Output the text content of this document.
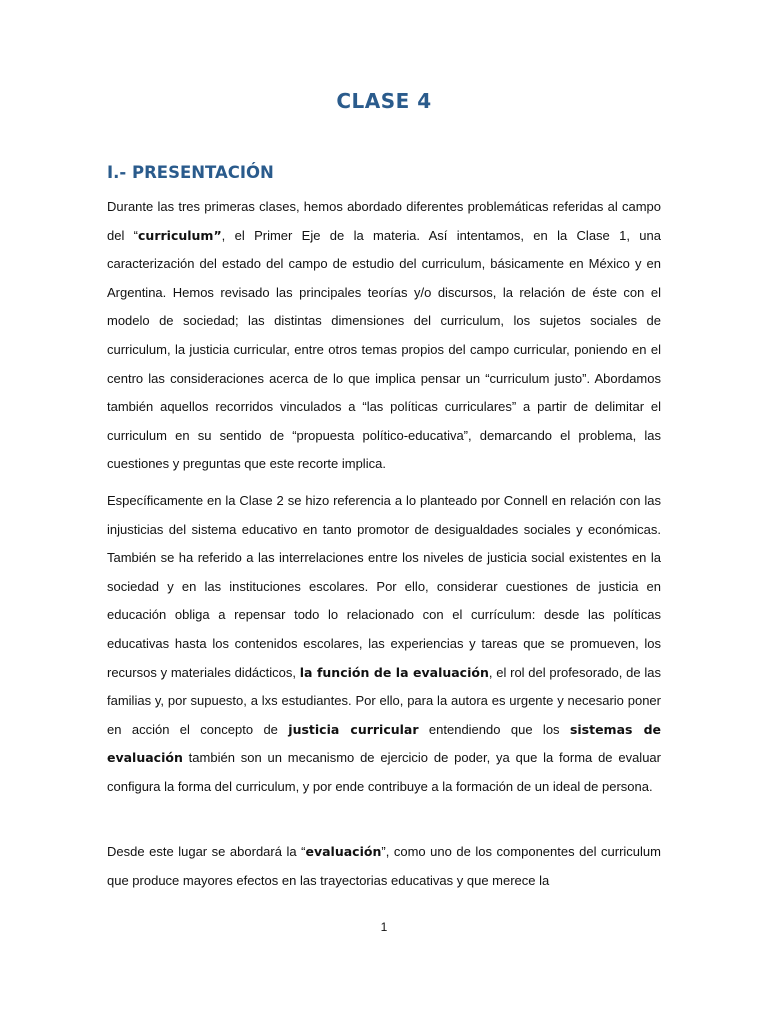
CLASE 4
I.- PRESENTACIÓN

Durante las tres primeras clases, hemos abordado diferentes problemáticas referidas al campo del “curriculum”, el Primer Eje de la materia. Así intentamos, en la Clase 1, una caracterización del estado del campo de estudio del curriculum, básicamente en México y en Argentina. Hemos revisado las principales teorías y/o discursos, la relación de éste con el modelo de sociedad; las distintas dimensiones del curriculum, los sujetos sociales de curriculum, la justicia curricular, entre otros temas propios del campo curricular, poniendo en el centro las consideraciones acerca de lo que implica pensar un “curriculum justo”. Abordamos también aquellos recorridos vinculados a “las políticas curriculares” a partir de delimitar el curriculum en su sentido de “propuesta político-educativa”, demarcando el problema, las cuestiones y preguntas que este recorte implica.

Específicamente en la Clase 2 se hizo referencia a lo planteado por Connell en relación con las injusticias del sistema educativo en tanto promotor de desigualdades sociales y económicas. También se ha referido a las interrelaciones entre los niveles de justicia social existentes en la sociedad y en las instituciones escolares. Por ello, considerar cuestiones de justicia en educación obliga a repensar todo lo relacionado con el currículum: desde las políticas educativas hasta los contenidos escolares, las experiencias y tareas que se promueven, los recursos y materiales didácticos, la función de la evaluación, el rol del profesorado, de las familias y, por supuesto, a lxs estudiantes. Por ello, para la autora es urgente y necesario poner en acción el concepto de justicia curricular entendiendo que los sistemas de evaluación también son un mecanismo de ejercicio de poder, ya que la forma de evaluar configura la forma del curriculum, y por ende contribuye a la formación de un ideal de persona.

Desde este lugar se abordará la “evaluación”, como uno de los componentes del curriculum que produce mayores efectos en las trayectorias educativas y que merece la

1
